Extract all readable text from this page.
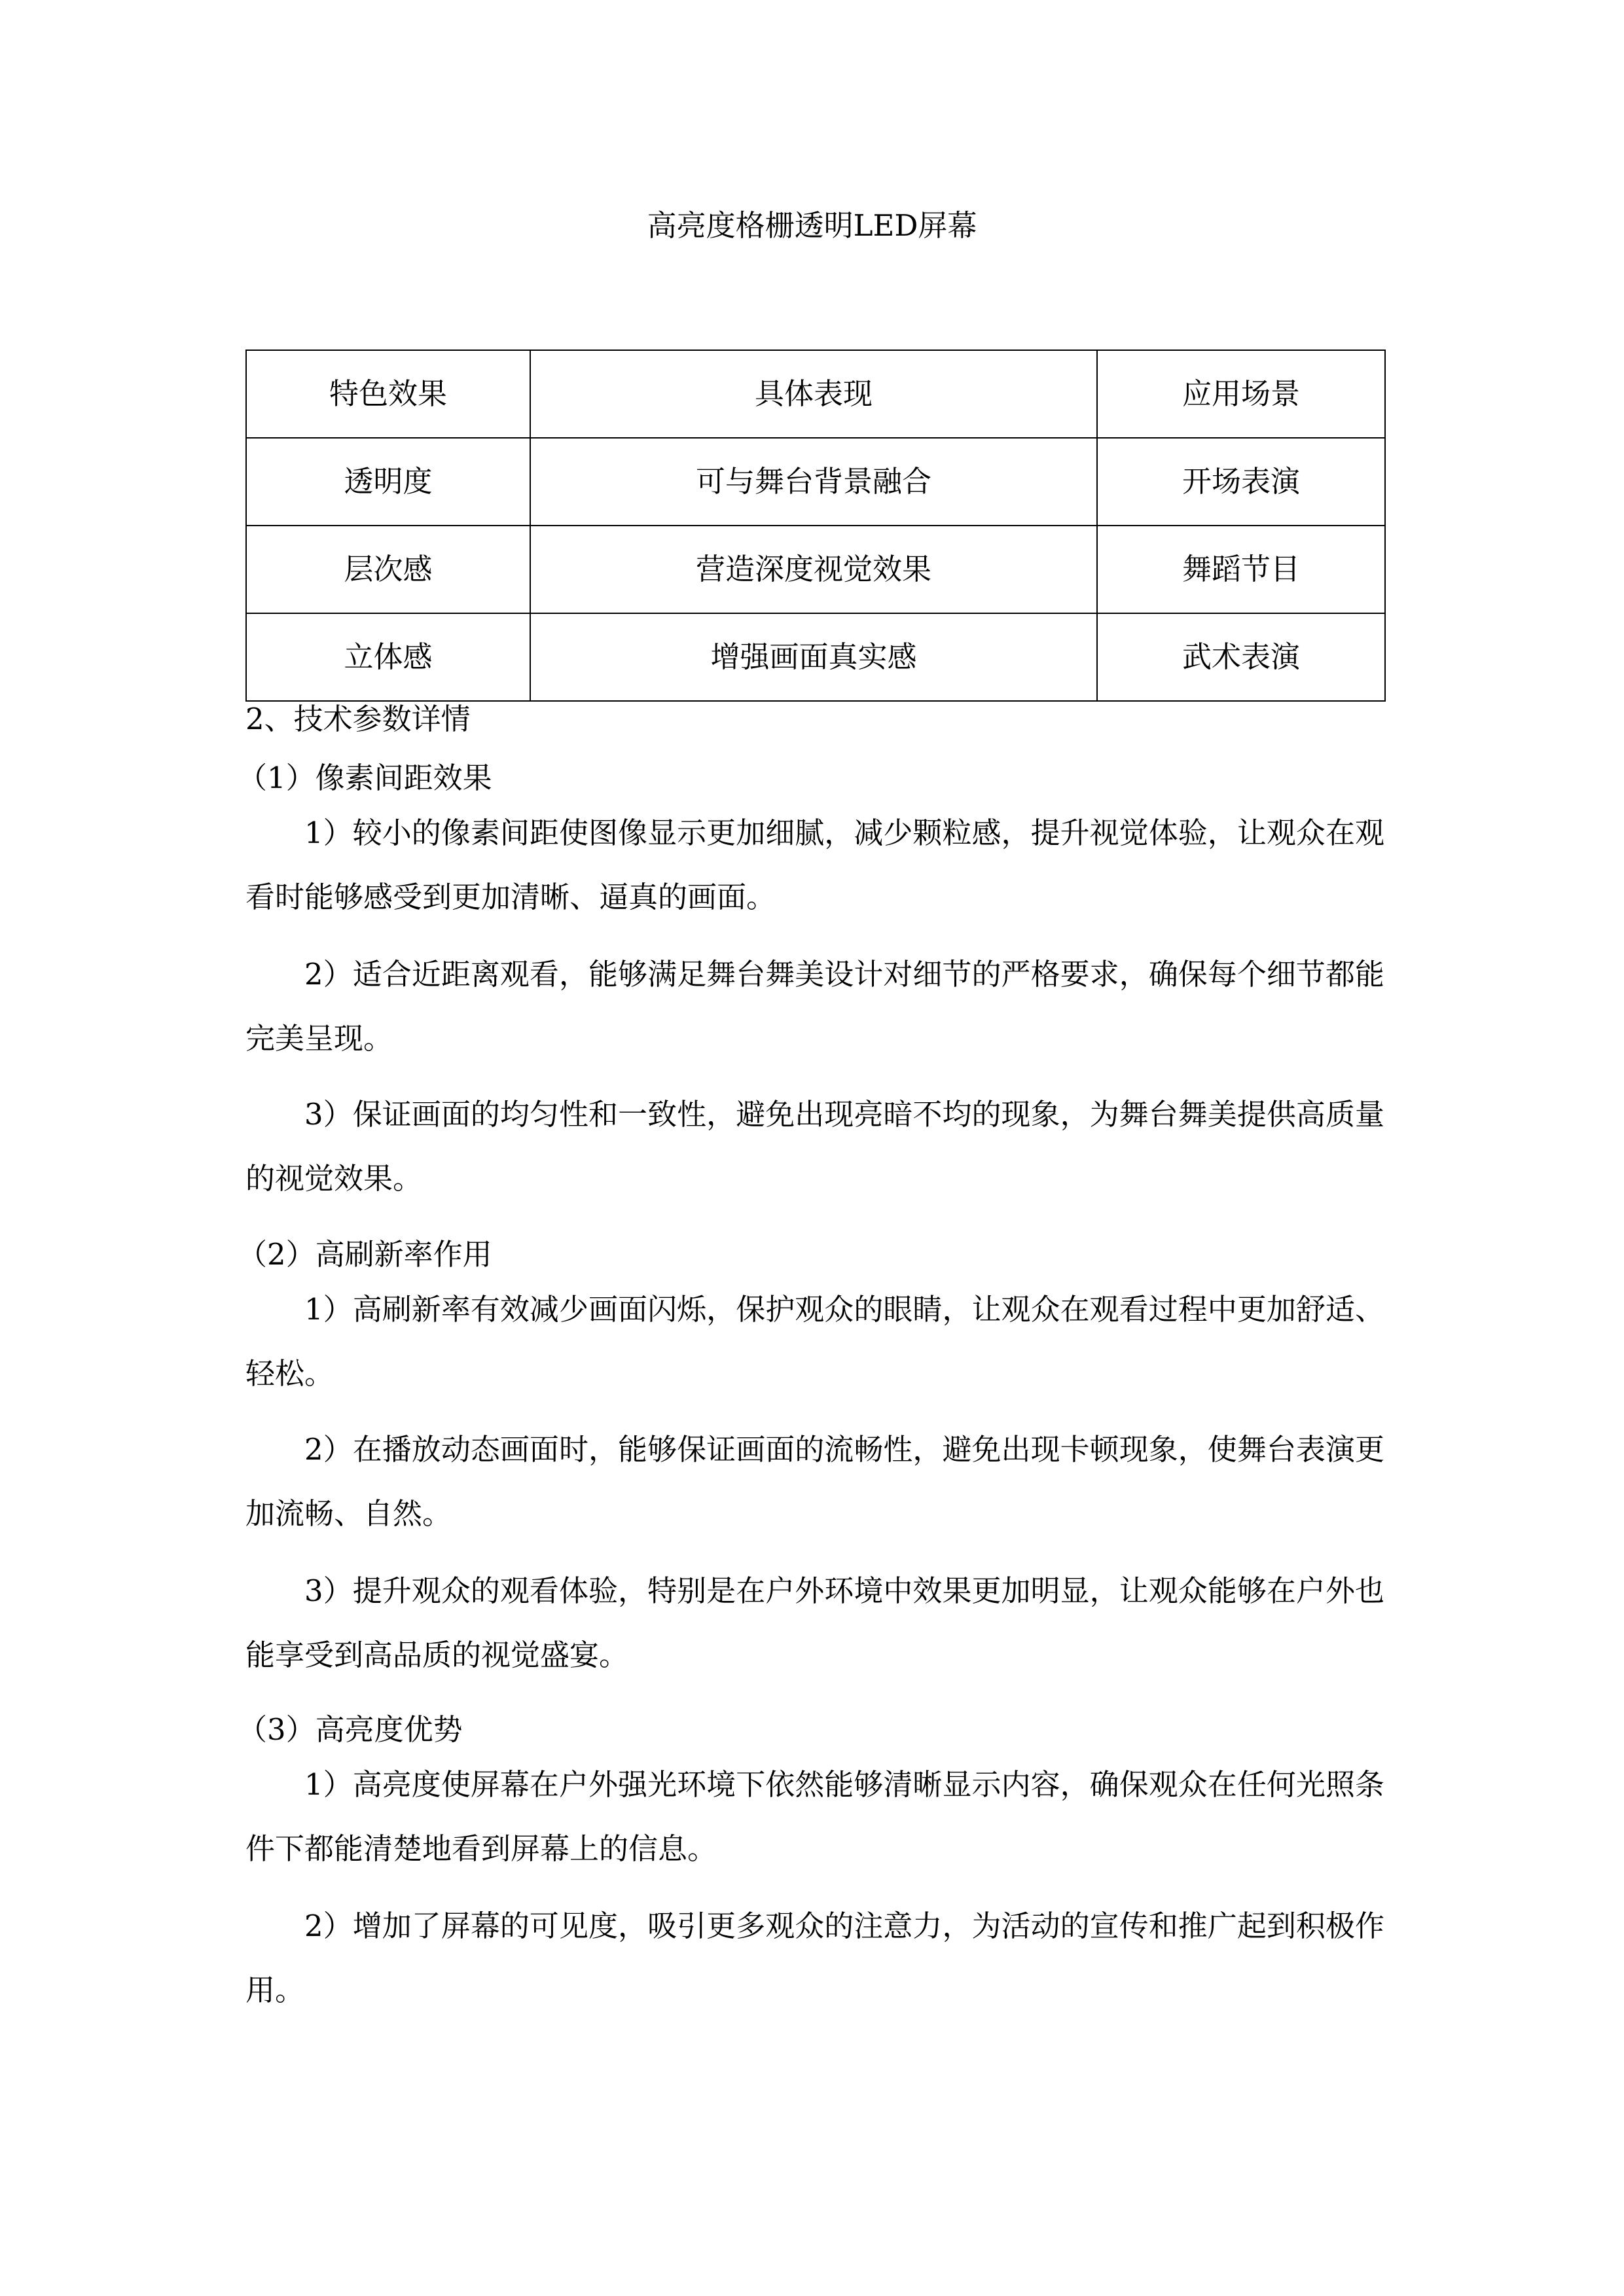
高亮度格栅透明LED屏幕
特色效果	具体表现	应用场景
透明度	可与舞台背景融合	开场表演
层次感	营造深度视觉效果	舞蹈节目
立体感	增强画面真实感	武术表演

2、技术参数详情

（1）像素间距效果

1）较小的像素间距使图像显示更加细腻，减少颗粒感，提升视觉体验，让观众在观看时能够感受到更加清晰、逼真的画面。

2）适合近距离观看，能够满足舞台舞美设计对细节的严格要求，确保每个细节都能完美呈现。

3）保证画面的均匀性和一致性，避免出现亮暗不均的现象，为舞台舞美提供高质量的视觉效果。

（2）高刷新率作用

1）高刷新率有效减少画面闪烁，保护观众的眼睛，让观众在观看过程中更加舒适、轻松。

2）在播放动态画面时，能够保证画面的流畅性，避免出现卡顿现象，使舞台表演更加流畅、自然。

3）提升观众的观看体验，特别是在户外环境中效果更加明显，让观众能够在户外也能享受到高品质的视觉盛宴。

（3）高亮度优势

1）高亮度使屏幕在户外强光环境下依然能够清晰显示内容，确保观众在任何光照条件下都能清楚地看到屏幕上的信息。

2）增加了屏幕的可见度，吸引更多观众的注意力，为活动的宣传和推广起到积极作用。
